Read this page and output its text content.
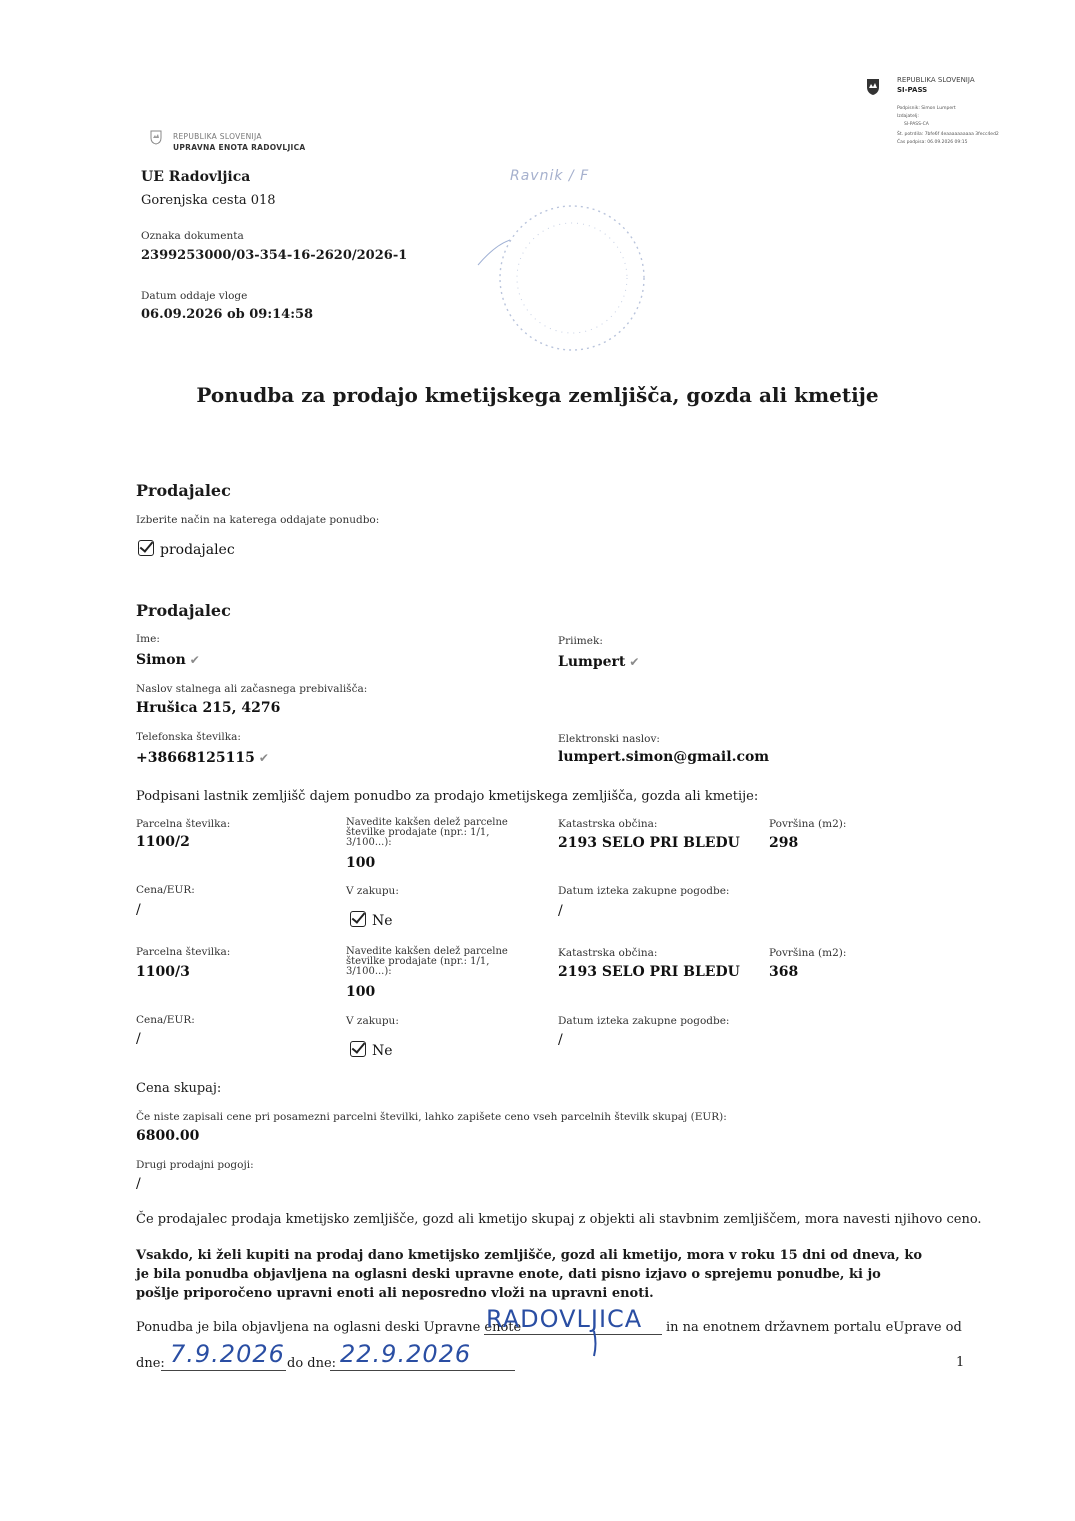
REPUBLIKA SLOVENIJA
SI-PASS
Podpisnik: Simon Lumpert
Izdajatelj:
SI-PASS-CA
Št. potrdila: 7bfe6f 4eaaaaaaaaaa 3fecc4ed2
Čas podpisa: 06.09.2026 09:15
REPUBLIKA SLOVENIJA
UPRAVNA ENOTA RADOVLJICA
UE Radovljica
Gorenjska cesta 018
Oznaka dokumenta
2399253000/03-354-16-2620/2026-1
Datum oddaje vloge
06.09.2026 ob 09:14:58
Ravnik / F
Ponudba za prodajo kmetijskega zemljišča, gozda ali kmetije
Prodajalec
Izberite način na katerega oddajate ponudbo:
prodajalec
Prodajalec
Ime:
Simon ✔
Priimek:
Lumpert ✔
Naslov stalnega ali začasnega prebivališča:
Hrušica 215, 4276
Telefonska številka:
+38668125115 ✔
Elektronski naslov:
lumpert.simon@gmail.com
Podpisani lastnik zemljišč dajem ponudbo za prodajo kmetijskega zemljišča, gozda ali kmetije:
Parcelna številka:
1100/2
Navedite kakšen delež parcelne številke prodajate (npr.: 1/1, 3/100...):
100
Katastrska občina:
2193 SELO PRI BLEDU
Površina (m2):
298
Cena/EUR:
/
V zakupu:
Ne
Datum izteka zakupne pogodbe:
/
Parcelna številka:
1100/3
Navedite kakšen delež parcelne številke prodajate (npr.: 1/1, 3/100...):
100
Katastrska občina:
2193 SELO PRI BLEDU
Površina (m2):
368
Cena/EUR:
/
V zakupu:
Ne
Datum izteka zakupne pogodbe:
/
Cena skupaj:
Če niste zapisali cene pri posamezni parcelni številki, lahko zapišete ceno vseh parcelnih številk skupaj (EUR):
6800.00
Drugi prodajni pogoji:
/
Če prodajalec prodaja kmetijsko zemljišče, gozd ali kmetijo skupaj z objekti ali stavbnim zemljiščem, mora navesti njihovo ceno.
Vsakdo, ki želi kupiti na prodaj dano kmetijsko zemljišče, gozd ali kmetijo, mora v roku 15 dni od dneva, ko je bila ponudba objavljena na oglasni deski upravne enote, dati pisno izjavo o sprejemu ponudbe, ki jo pošlje priporočeno upravni enoti ali neposredno vloži na upravni enoti.
Ponudba je bila objavljena na oglasni deski Upravne enote
RADOVLJICA in na enotnem državnem portalu eUprave od
dne: 7.9.2026 do dne: 22.9.2026	1
